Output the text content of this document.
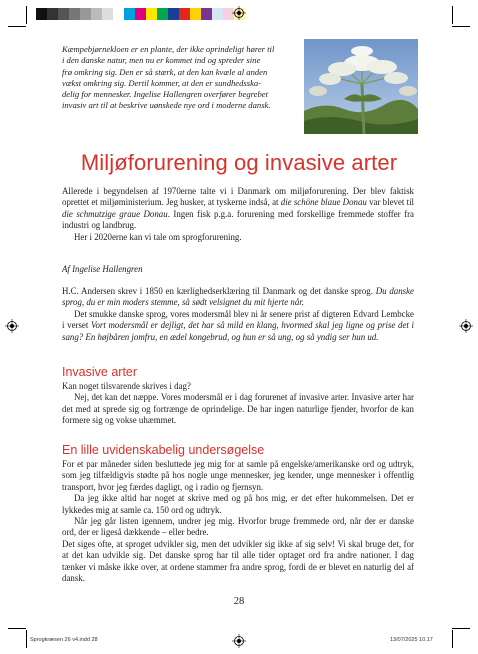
Kæmpebjørnekloen er en plante, der ikke oprindeligt hører til

i den danske natur, men nu er kommet ind og spreder sine

frø omkring sig. Den er så stærk, at den kan kvæle al anden

vækst omkring sig. Dertil kommer, at den er sundhedsska-

delig for mennesker. Ingelise Hallengren overfører begrebet

invasiv art til at beskrive uønskede nye ord i moderne dansk.

Miljøforurening og invasive arter

Allerede i begyndelsen af 1970erne talte vi i Danmark om miljøforurening. Der blev faktisk oprettet et miljøministerium. Jeg husker, at tyskerne indså, at die schöne blaue Donau var blevet til die schmutzige graue Donau. Ingen fisk p.g.a. forurening med forskellige fremmede stoffer fra industri og landbrug.

Her i 2020erne kan vi tale om sprogforurening.

Af Ingelise Hallengren

H.C. Andersen skrev i 1850 en kærlighedserklæring til Danmark og det danske sprog. Du danske sprog, du er min moders stemme, så sødt velsignet du mit hjerte når.

Det smukke danske sprog, vores modersmål blev ni år senere prist af digteren Edvard Lembcke i verset Vort modersmål er dejligt, det har så mild en klang, hvormed skal jeg ligne og prise det i sang? En højbåren jomfru, en ædel kongebrud, og hun er så ung, og så yndig ser hun ud.

Invasive arter

Kan noget tilsvarende skrives i dag?

Nej, det kan det næppe. Vores modersmål er i dag forurenet af invasive arter. Invasive arter har det med at sprede sig og fortrænge de oprindelige. De har ingen naturlige fjender, hvorfor de kan formere sig og vokse uhæmmet.

En lille uvidenskabelig undersøgelse

For et par måneder siden besluttede jeg mig for at samle på engelske/amerikanske ord og udtryk, som jeg tilfældigvis stødte på hos nogle unge mennesker, jeg kender, unge mennesker i offentlig transport, hvor jeg færdes dagligt, og i radio og fjernsyn.

Da jeg ikke altid har noget at skrive med og på hos mig, er det efter hukommelsen. Det er lykkedes mig at samle ca. 150 ord og udtryk.

Når jeg går listen igennem, undrer jeg mig. Hvorfor bruge fremmede ord, når der er danske ord, der er ligeså dækkende – eller bedre.

Det siges ofte, at sproget udvikler sig, men det udvikler sig ikke af sig selv! Vi skal bruge det, for at det kan udvikle sig. Det danske sprog har til alle tider optaget ord fra andre nationer. I dag tænker vi måske ikke over, at ordene stammer fra andre sprog, fordi de er blevet en naturlig del af dansk.

28
Sprogkræsen 26 v4.indd 28	13/07/2025 10.17
